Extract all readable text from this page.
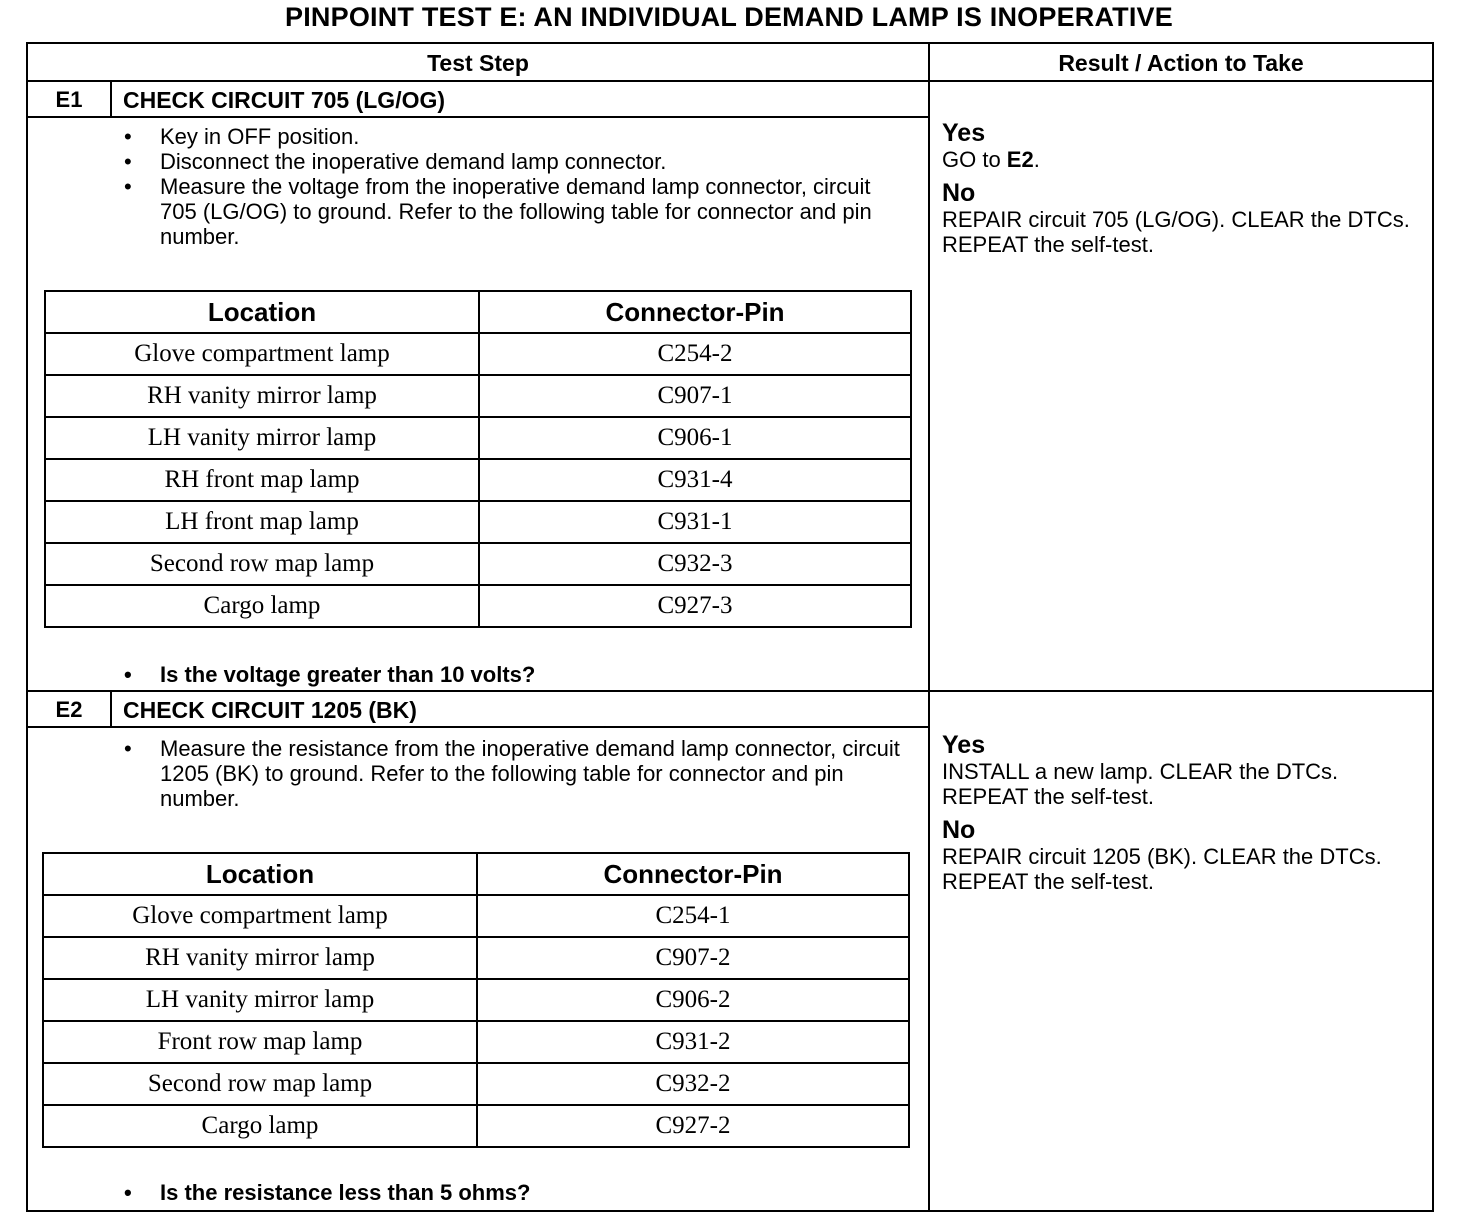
PINPOINT TEST E: AN INDIVIDUAL DEMAND LAMP IS INOPERATIVE
Test Step	Result / Action to Take
E1	CHECK CIRCUIT 705 (LG/OG)
• Key in OFF position.
• Disconnect the inoperative demand lamp connector.
• Measure the voltage from the inoperative demand lamp connector, circuit 705 (LG/OG) to ground. Refer to the following table for connector and pin number.
Location	Connector-Pin
Glove compartment lamp	C254-2
RH vanity mirror lamp	C907-1
LH vanity mirror lamp	C906-1
RH front map lamp	C931-4
LH front map lamp	C931-1
Second row map lamp	C932-3
Cargo lamp	C927-3
• Is the voltage greater than 10 volts?
Yes
GO to E2.
No
REPAIR circuit 705 (LG/OG). CLEAR the DTCs. REPEAT the self-test.
E2	CHECK CIRCUIT 1205 (BK)
• Measure the resistance from the inoperative demand lamp connector, circuit 1205 (BK) to ground. Refer to the following table for connector and pin number.
Location	Connector-Pin
Glove compartment lamp	C254-1
RH vanity mirror lamp	C907-2
LH vanity mirror lamp	C906-2
Front row map lamp	C931-2
Second row map lamp	C932-2
Cargo lamp	C927-2
• Is the resistance less than 5 ohms?
Yes
INSTALL a new lamp. CLEAR the DTCs. REPEAT the self-test.
No
REPAIR circuit 1205 (BK). CLEAR the DTCs. REPEAT the self-test.
